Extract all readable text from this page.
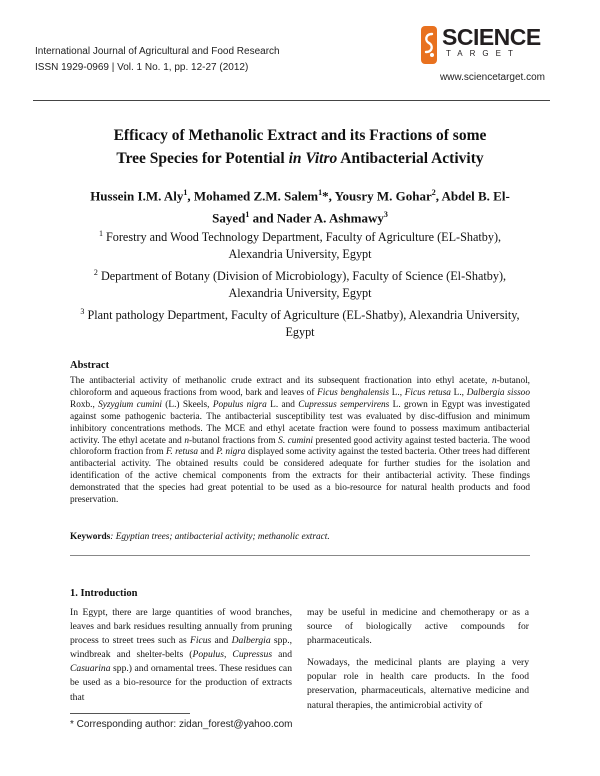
International Journal of Agricultural and Food Research
ISSN 1929-0969 | Vol. 1 No. 1, pp. 12-27 (2012)
SCIENCE
TARGET
www.sciencetarget.com
Efficacy of Methanolic Extract and its Fractions of some
Tree Species for Potential in Vitro Antibacterial Activity
Hussein I.M. Aly$^1$, Mohamed Z.M. Salem$^1$*, Yousry M. Gohar$^2$, Abdel B. El-Sayed$^1$ and Nader A. Ashmawy$^3$
$^1$ Forestry and Wood Technology Department, Faculty of Agriculture (EL-Shatby), Alexandria University, Egypt
$^2$ Department of Botany (Division of Microbiology), Faculty of Science (El-Shatby), Alexandria University, Egypt
$^3$ Plant pathology Department, Faculty of Agriculture (EL-Shatby), Alexandria University, Egypt
Abstract
The antibacterial activity of methanolic crude extract and its subsequent fractionation into ethyl acetate, n-butanol, chloroform and aqueous fractions from wood, bark and leaves of Ficus benghalensis L., Ficus retusa L., Dalbergia sissoo Roxb., Syzygium cumini (L.) Skeels, Populus nigra L. and Cupressus sempervirens L. grown in Egypt was investigated against some pathogenic bacteria. The antibacterial susceptibility test was evaluated by disc-diffusion and minimum inhibitory concentrations methods. The MCE and ethyl acetate fraction were found to possess maximum antibacterial activity. The ethyl acetate and n-butanol fractions from S. cumini presented good activity against tested bacteria. The wood chloroform fraction from F. retusa and P. nigra displayed some activity against the tested bacteria. Other trees had different antibacterial activity. The obtained results could be considered adequate for further studies for the isolation and identification of the active chemical components from the extracts for their antibacterial activity. These findings demonstrated that the species had great potential to be used as a bio-resource for natural health products and food preservation.
Keywords: Egyptian trees; antibacterial activity; methanolic extract.
1. Introduction

In Egypt, there are large quantities of wood branches, leaves and bark residues resulting annually from pruning process to street trees such as Ficus and Dalbergia spp., windbreak and shelter-belts (Populus, Cupressus and Casuarina spp.) and ornamental trees. These residues can be used as a bio-resource for the production of extracts that

may be useful in medicine and chemotherapy or as a source of biologically active compounds for pharmaceuticals.

Nowadays, the medicinal plants are playing a very popular role in health care products. In the food preservation, pharmaceuticals, alternative medicine and natural therapies, the antimicrobial activity of

* Corresponding author: zidan_forest@yahoo.com
